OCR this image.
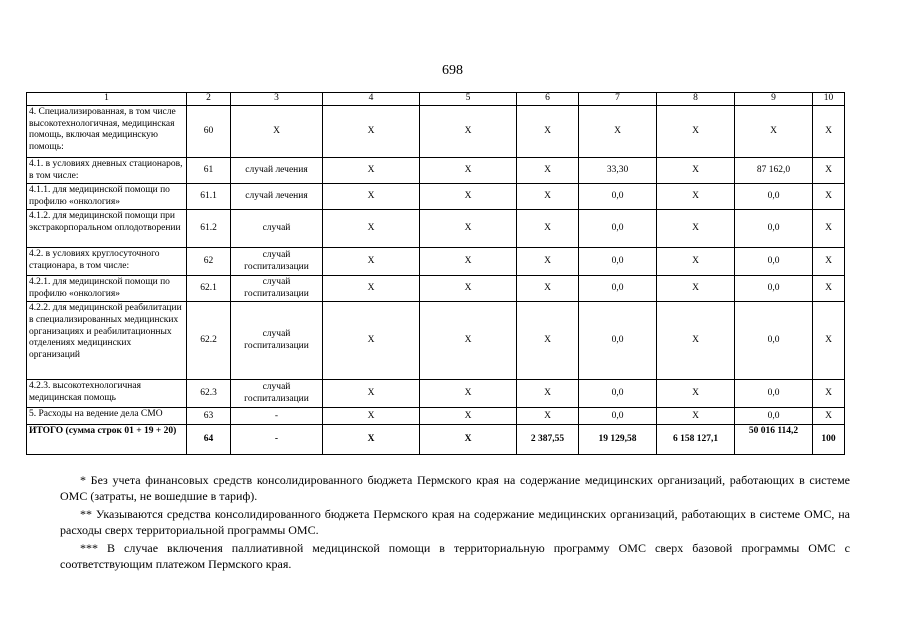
698
1	2	3	4	5	6	7	8	9	10
4. Специализированная, в том числе высокотехнологичная, медицинская помощь, включая медицинскую помощь:	60	Х	Х	Х	Х	Х	Х	Х	Х
4.1. в условиях дневных стационаров, в том числе:	61	случай лечения	Х	Х	Х	33,30	Х	87 162,0	Х
4.1.1. для медицинской помощи по профилю «онкология»	61.1	случай лечения	Х	Х	Х	0,0	Х	0,0	Х
4.1.2. для медицинской помощи при экстракорпоральном оплодотворении	61.2	случай	Х	Х	Х	0,0	Х	0,0	Х
4.2. в условиях круглосуточного стационара, в том числе:	62	случай госпитализации	Х	Х	Х	0,0	Х	0,0	Х
4.2.1. для медицинской помощи по профилю «онкология»	62.1	случай госпитализации	Х	Х	Х	0,0	Х	0,0	Х
4.2.2. для медицинской реабилитации в специализированных медицинских организациях и реабилитационных отделениях медицинских организаций	62.2	случай госпитализации	Х	Х	Х	0,0	Х	0,0	Х
4.2.3. высокотехнологичная медицинская помощь	62.3	случай госпитализации	Х	Х	Х	0,0	Х	0,0	Х
5. Расходы на ведение дела СМО	63	-	Х	Х	Х	0,0	Х	0,0	Х
ИТОГО (сумма строк 01 + 19 + 20)	64	-	Х	Х	2 387,55	19 129,58	6 158 127,1	50 016 114,2	100

* Без учета финансовых средств консолидированного бюджета Пермского края на содержание медицинских организаций, работающих в системе ОМС (затраты, не вошедшие в тариф).

** Указываются средства консолидированного бюджета Пермского края на содержание медицинских организаций, работающих в системе ОМС, на расходы сверх территориальной программы ОМС.

*** В случае включения паллиативной медицинской помощи в территориальную программу ОМС сверх базовой программы ОМС с соответствующим платежом Пермского края.
